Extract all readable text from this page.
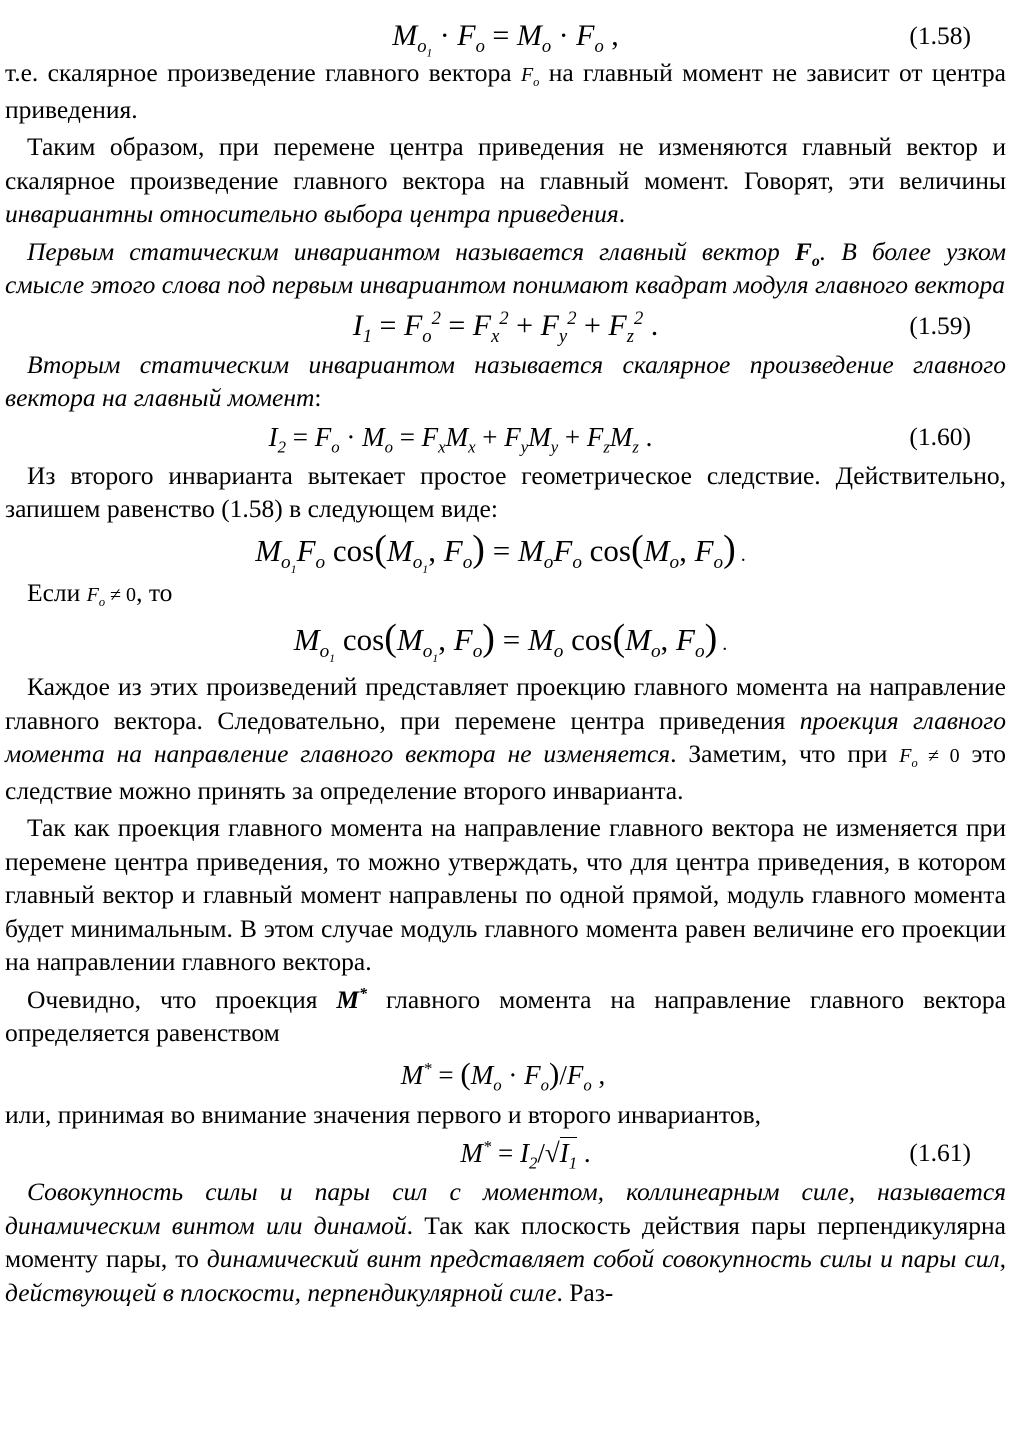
$M_{o_1} \cdot F_o = M_o \cdot F_o$ ,	(1.58)

т.е. скалярное произведение главного вектора $F_o$ на главный момент не зависит от центра приведения.

Таким образом, при перемене центра приведения не изменяются главный вектор и скалярное произведение главного вектора на главный момент. Говорят, эти величины инвариантны относительно выбора центра приведения.

Первым статическим инвариантом называется главный вектор $F_o$. В более узком смысле этого слова под первым инвариантом понимают квадрат модуля главного вектора

$I_1 = F_o^2 = F_x^2 + F_y^2 + F_z^2$ .	(1.59)

Вторым статическим инвариантом называется скалярное произведение главного вектора на главный момент:

$I_2 = F_o \cdot M_o = F_xM_x + F_yM_y + F_zM_z$ .	(1.60)

Из второго инварианта вытекает простое геометрическое следствие. Действительно, запишем равенство (1.58) в следующем виде:

$M_{o_1}F_o$ $\cos(M_{o_1}$, $F_o) = M_oF_o$ $\cos(M_o$, $F_o$) .

Если $F_o \ne 0$, то

$M_{o_1}$ $\cos(M_{o_1}$, $F_o) = M_o$ $\cos(M_o$, $F_o$) .

Каждое из этих произведений представляет проекцию главного момента на направление главного вектора. Следовательно, при перемене центра приведения проекция главного момента на направление главного вектора не изменяется. Заметим, что при $F_o \ne 0$ это следствие можно принять за определение второго инварианта.

Так как проекция главного момента на направление главного вектора не изменяется при перемене центра приведения, то можно утверждать, что для центра приведения, в котором главный вектор и главный момент направлены по одной прямой, модуль главного момента будет минимальным. В этом случае модуль главного момента равен величине его проекции на направлении главного вектора.

Очевидно, что проекция M* главного момента на направление главного вектора определяется равенством

$M^* = (M_o \cdot F_o)/F_o$ ,

или, принимая во внимание значения первого и второго инвариантов,

$M^* = I_2/√I_1$ .	(1.61)

Совокупность силы и пары сил с моментом, коллинеарным силе, называется динамическим винтом или динамой. Так как плоскость действия пары перпендикулярна моменту пары, то динамический винт представляет собой совокупность силы и пары сил, действующей в плоскости, перпендикулярной силе. Раз-
